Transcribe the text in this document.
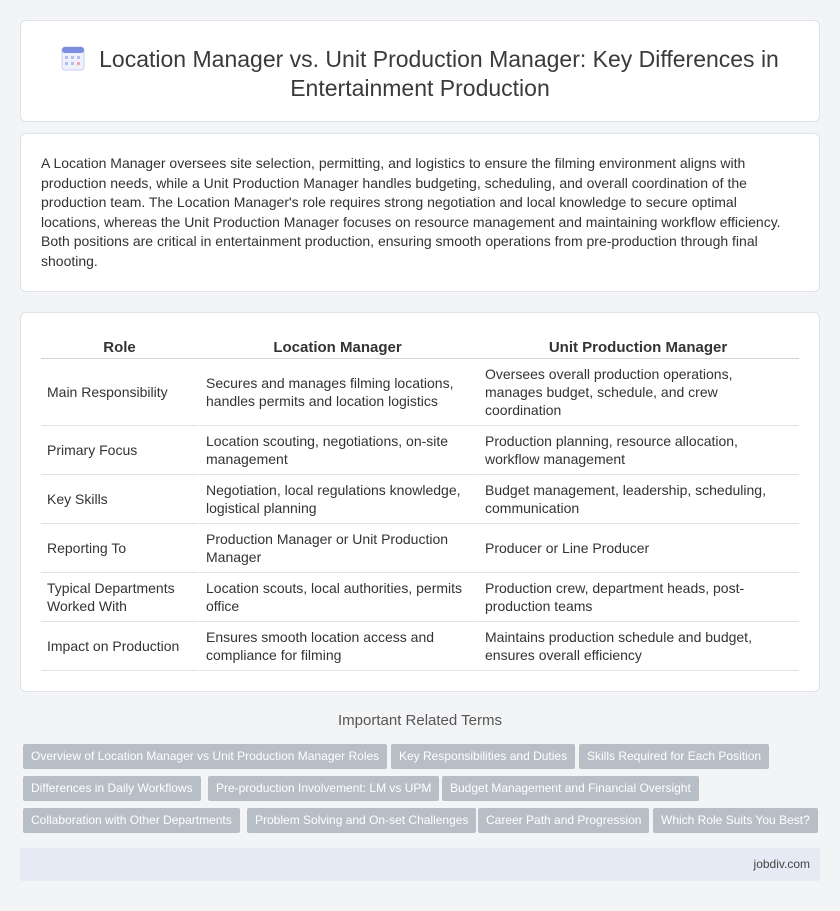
Location Manager vs. Unit Production Manager: Key Differences in
Entertainment Production

A Location Manager oversees site selection, permitting, and logistics to ensure the filming environment aligns with production needs, while a Unit Production Manager handles budgeting, scheduling, and overall coordination of the production team. The Location Manager's role requires strong negotiation and local knowledge to secure optimal locations, whereas the Unit Production Manager focuses on resource management and maintaining workflow efficiency. Both positions are critical in entertainment production, ensuring smooth operations from pre-production through final shooting.

Role	Location Manager	Unit Production Manager
Main Responsibility	Secures and manages filming locations, handles permits and location logistics	Oversees overall production operations, manages budget, schedule, and crew coordination
Primary Focus	Location scouting, negotiations, on-site management	Production planning, resource allocation, workflow management
Key Skills	Negotiation, local regulations knowledge, logistical planning	Budget management, leadership, scheduling, communication
Reporting To	Production Manager or Unit Production Manager	Producer or Line Producer
Typical Departments Worked With	Location scouts, local authorities, permits office	Production crew, department heads, post-production teams
Impact on Production	Ensures smooth location access and compliance for filming	Maintains production schedule and budget, ensures overall efficiency
Important Related Terms
Overview of Location Manager vs Unit Production Manager Roles	Key Responsibilities and Duties	Skills Required for Each Position
Differences in Daily Workflows	Pre-production Involvement: LM vs UPM	Budget Management and Financial Oversight
Collaboration with Other Departments	Problem Solving and On-set Challenges	Career Path and Progression	Which Role Suits You Best?
jobdiv.com
